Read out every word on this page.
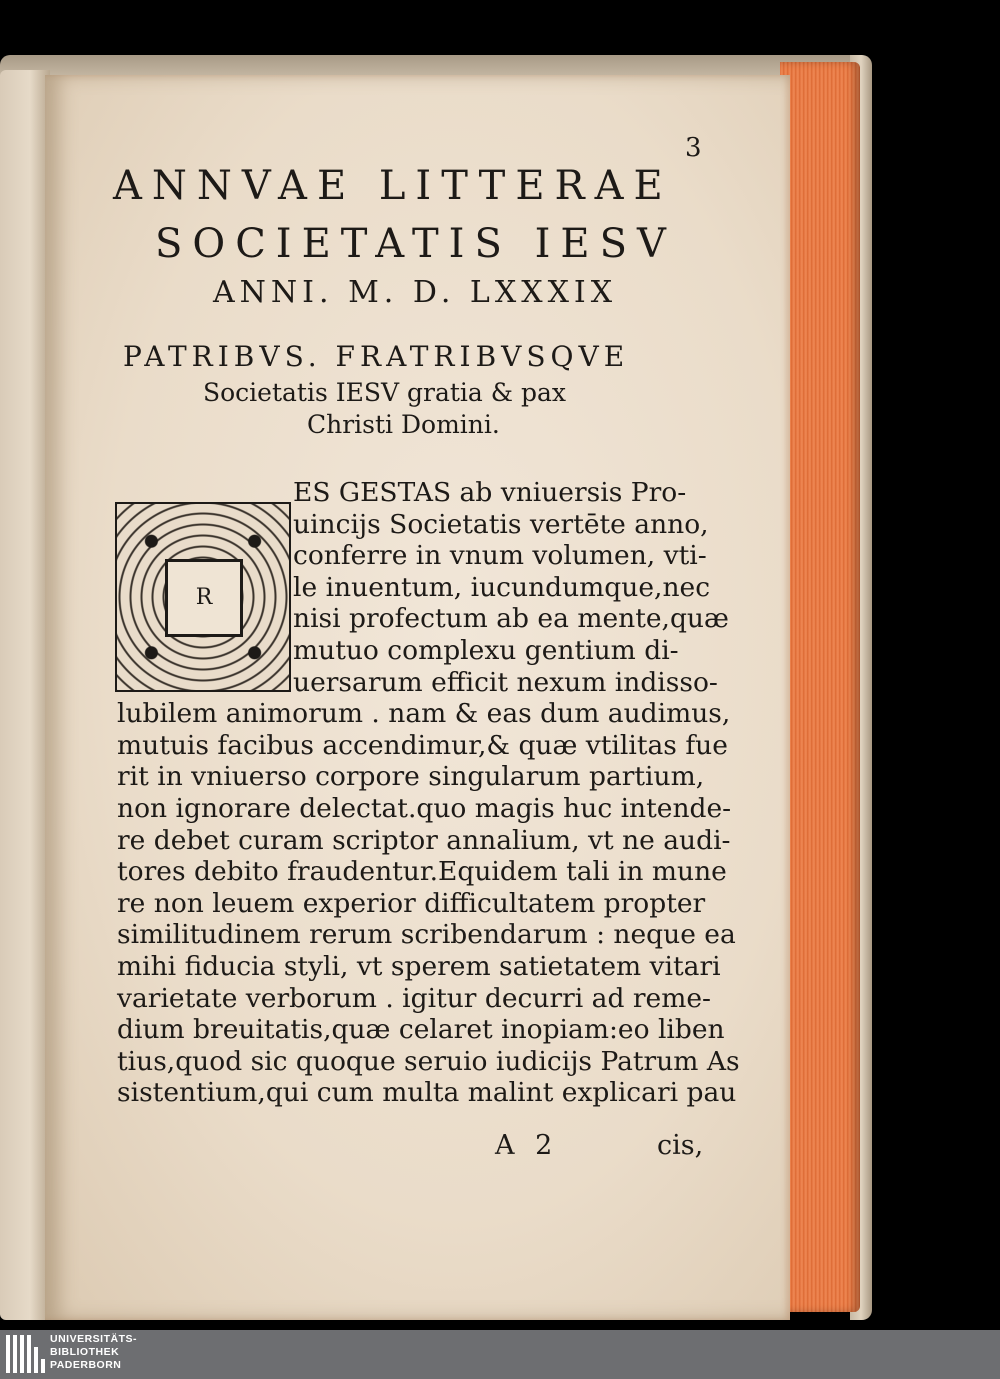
3
ANNVAE LITTERAE
SOCIETATIS IESV
ANNI. M. D. LXXXIX
PATRIBVS. FRATRIBVSQVE
Societatis IESV gratia & pax
Christi Domini.
R
A 2	cis,
ES GESTAS ab vniuersis Pro-
uincijs Societatis vertēte anno,
conferre in vnum volumen, vti-
le inuentum, iucundumque,nec
nisi profectum ab ea mente,quæ
mutuo complexu gentium di-
uersarum efficit nexum indisso-
lubilem animorum . nam & eas dum audimus,
mutuis facibus accendimur,& quæ vtilitas fue
rit in vniuerso corpore singularum partium,
non ignorare delectat.quo magis huc intende-
re debet curam scriptor annalium, vt ne audi-
tores debito fraudentur.Equidem tali in mune
re non leuem experior difficultatem propter
similitudinem rerum scribendarum : neque ea
mihi fiducia styli, vt sperem satietatem vitari
varietate verborum . igitur decurri ad reme-
dium breuitatis,quæ celaret inopiam:eo liben
tius,quod sic quoque seruio iudicijs Patrum As
sistentium,qui cum multa malint explicari pau
UNIVERSITÄTS-
BIBLIOTHEK
PADERBORN
